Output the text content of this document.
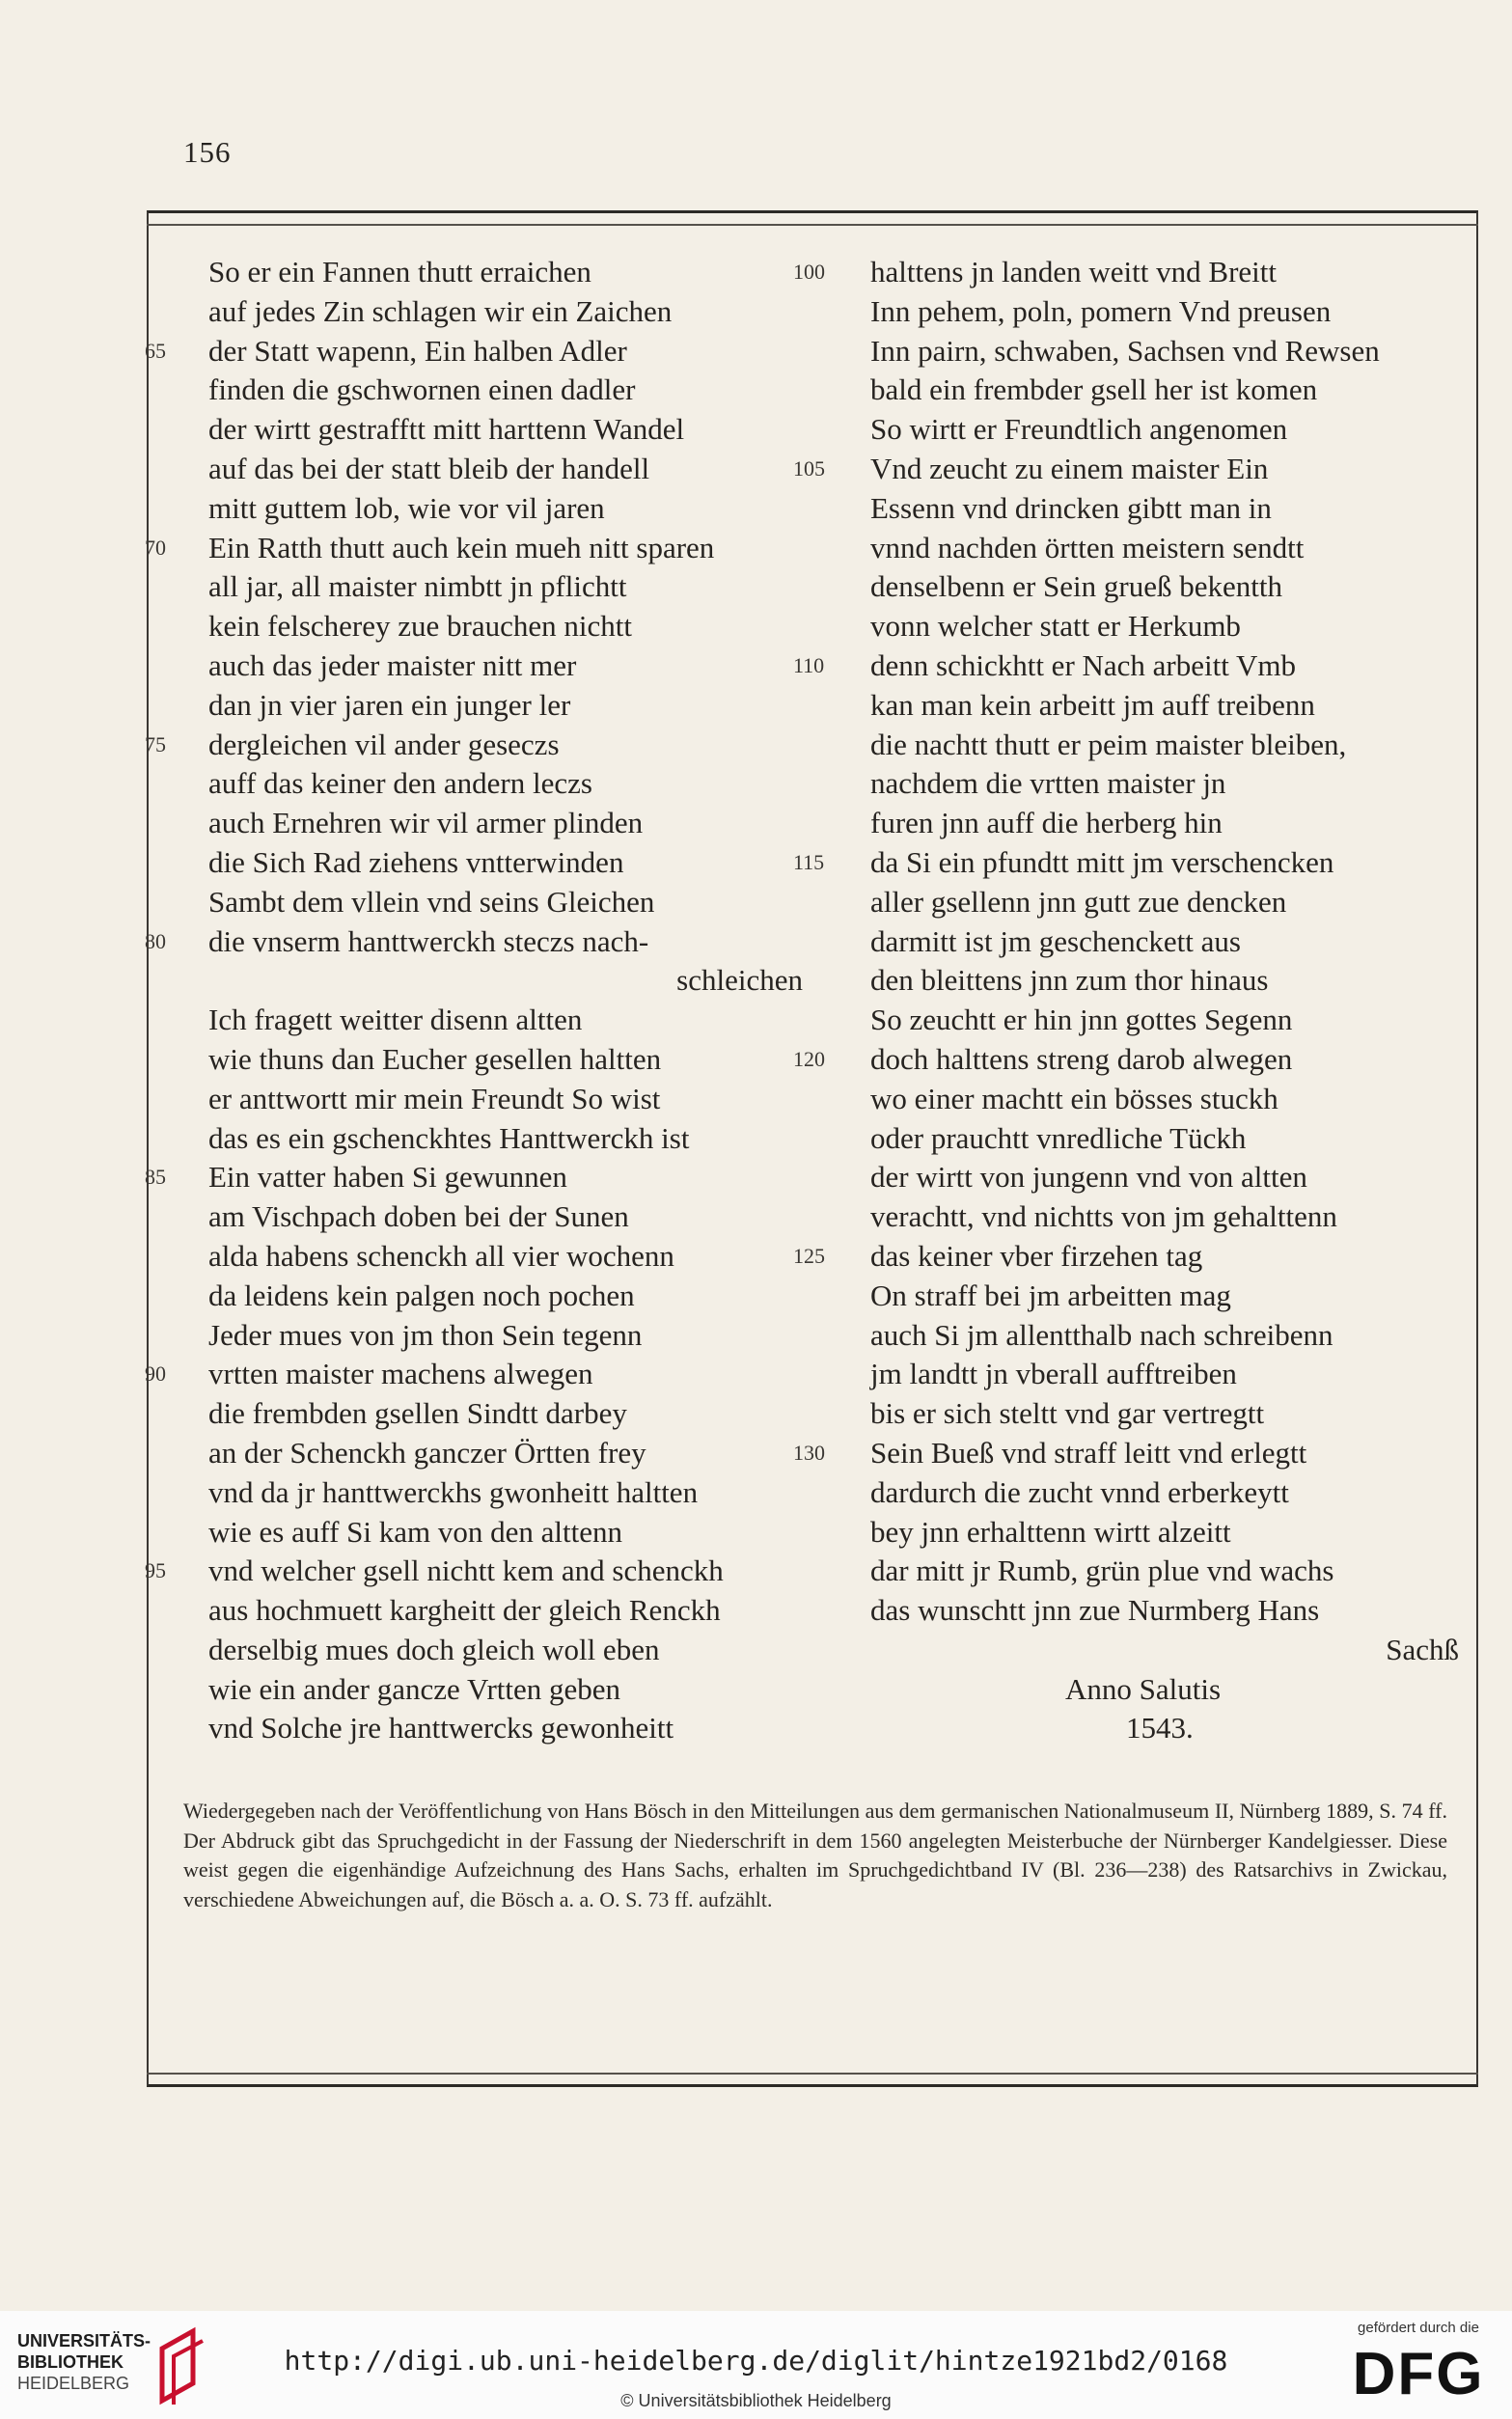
156
So er ein Fannen thutt erraichen
auf jedes Zin schlagen wir ein Zaichen
65	der Statt wapenn, Ein halben Adler
finden die gschwornen einen dadler
der wirtt gestrafftt mitt harttenn Wandel
auf das bei der statt bleib der handell
mitt guttem lob, wie vor vil jaren
70	Ein Ratth thutt auch kein mueh nitt sparen
all jar, all maister nimbtt jn pflichtt
kein felscherey zue brauchen nichtt
auch das jeder maister nitt mer
dan jn vier jaren ein junger ler
75	dergleichen vil ander geseczs
auff das keiner den andern leczs
auch Ernehren wir vil armer plinden
die Sich Rad ziehens vntterwinden
Sambt dem vllein vnd seins Gleichen
80	die vnserm hanttwerckh steczs nach-
schleichen
Ich fragett weitter disenn altten
wie thuns dan Eucher gesellen haltten
er anttwortt mir mein Freundt So wist
das es ein gschenckhtes Hanttwerckh ist
85	Ein vatter haben Si gewunnen
am Vischpach doben bei der Sunen
alda habens schenckh all vier wochenn
da leidens kein palgen noch pochen
Jeder mues von jm thon Sein tegenn
90	vrtten maister machens alwegen
die frembden gsellen Sindtt darbey
an der Schenckh ganczer Örtten frey
vnd da jr hanttwerckhs gwonheitt haltten
wie es auff Si kam von den alttenn
95	vnd welcher gsell nichtt kem and schenckh
aus hochmuett kargheitt der gleich Renckh
derselbig mues doch gleich woll eben
wie ein ander gancze Vrtten geben
vnd Solche jre hanttwercks gewonheitt
100	halttens jn landen weitt vnd Breitt
Inn pehem, poln, pomern Vnd preusen
Inn pairn, schwaben, Sachsen vnd Rewsen
bald ein frembder gsell her ist komen
So wirtt er Freundtlich angenomen
105	Vnd zeucht zu einem maister Ein
Essenn vnd drincken gibtt man in
vnnd nachden örtten meistern sendtt
denselbenn er Sein grueß bekentth
vonn welcher statt er Herkumb
110	denn schickhtt er Nach arbeitt Vmb
kan man kein arbeitt jm auff treibenn
die nachtt thutt er peim maister bleiben,
nachdem die vrtten maister jn
furen jnn auff die herberg hin
115	da Si ein pfundtt mitt jm verschencken
aller gsellenn jnn gutt zue dencken
darmitt ist jm geschenckett aus
den bleittens jnn zum thor hinaus
So zeuchtt er hin jnn gottes Segenn
120	doch halttens streng darob alwegen
wo einer machtt ein bösses stuckh
oder prauchtt vnredliche Tückh
der wirtt von jungenn vnd von altten
verachtt, vnd nichtts von jm gehalttenn
125	das keiner vber firzehen tag
On straff bei jm arbeitten mag
auch Si jm allentthalb nach schreibenn
jm landtt jn vberall aufftreiben
bis er sich steltt vnd gar vertregtt
130	Sein Bueß vnd straff leitt vnd erlegtt
dardurch die zucht vnnd erberkeytt
bey jnn erhalttenn wirtt alzeitt
dar mitt jr Rumb, grün plue vnd wachs
das wunschtt jnn zue Nurmberg Hans
Sachß
Anno Salutis
1543.
Wiedergegeben nach der Veröffentlichung von Hans Bösch in den Mitteilungen aus dem germanischen Nationalmuseum II, Nürnberg 1889, S. 74 ff. Der Abdruck gibt das Spruchgedicht in der Fassung der Niederschrift in dem 1560 angelegten Meisterbuche der Nürnberger Kandelgiesser. Diese weist gegen die eigenhändige Aufzeichnung des Hans Sachs, erhalten im Spruchgedichtband IV (Bl. 236—238) des Ratsarchivs in Zwickau, verschiedene Abweichungen auf, die Bösch a. a. O. S. 73 ff. aufzählt.
UNIVERSITÄTS-
BIBLIOTHEK
HEIDELBERG
http://digi.ub.uni-heidelberg.de/diglit/hintze1921bd2/0168
© Universitätsbibliothek Heidelberg
gefördert durch die
DFG
